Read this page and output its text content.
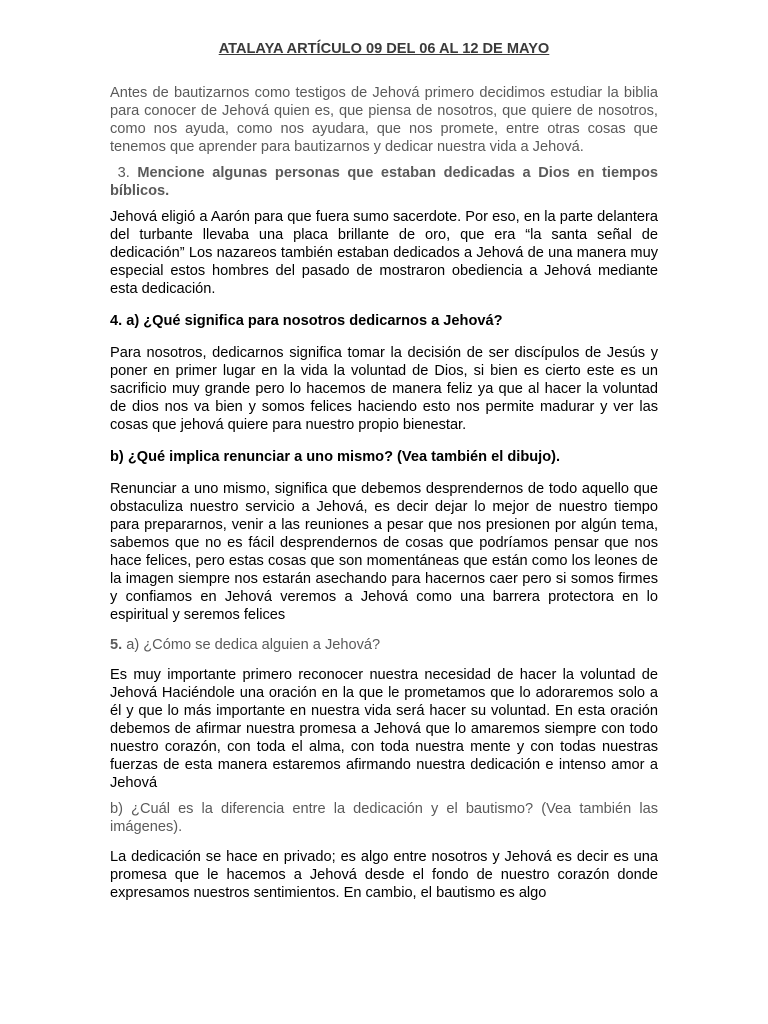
ATALAYA ARTÍCULO 09 DEL 06 AL 12 DE MAYO

Antes de bautizarnos como testigos de Jehová primero decidimos estudiar la biblia para conocer de Jehová quien es, que piensa de nosotros, que quiere de nosotros, como nos ayuda, como nos ayudara, que nos promete, entre otras cosas que tenemos que aprender para bautizarnos y dedicar nuestra vida a Jehová.

3. Mencione algunas personas que estaban dedicadas a Dios en tiempos bíblicos.

Jehová eligió a Aarón para que fuera sumo sacerdote. Por eso, en la parte delantera del turbante llevaba una placa brillante de oro, que era “la santa señal de dedicación” Los nazareos también estaban dedicados a Jehová de una manera muy especial estos hombres del pasado de mostraron obediencia a Jehová mediante esta dedicación.

4. a) ¿Qué significa para nosotros dedicarnos a Jehová?

Para nosotros, dedicarnos significa tomar la decisión de ser discípulos de Jesús y poner en primer lugar en la vida la voluntad de Dios, si bien es cierto este es un sacrificio muy grande pero lo hacemos de manera feliz ya que al hacer la voluntad de dios nos va bien y somos felices haciendo esto nos permite madurar y ver las cosas que jehová quiere para nuestro propio bienestar.

b) ¿Qué implica renunciar a uno mismo? (Vea también el dibujo).

Renunciar a uno mismo, significa que debemos desprendernos de todo aquello que obstaculiza nuestro servicio a Jehová, es decir dejar lo mejor de nuestro tiempo para prepararnos, venir a las reuniones a pesar que nos presionen por algún tema, sabemos que no es fácil desprendernos de cosas que podríamos pensar que nos hace felices, pero estas cosas que son momentáneas que están como los leones de la imagen siempre nos estarán asechando para hacernos caer pero si somos firmes y confiamos en Jehová veremos a Jehová como una barrera protectora en lo espiritual y seremos felices

5. a) ¿Cómo se dedica alguien a Jehová?

Es muy importante primero reconocer nuestra necesidad de hacer la voluntad de Jehová Haciéndole una oración en la que le prometamos que lo adoraremos solo a él y que lo más importante en nuestra vida será hacer su voluntad. En esta oración debemos de afirmar nuestra promesa a Jehová que lo amaremos siempre con todo nuestro corazón, con toda el alma, con toda nuestra mente y con todas nuestras fuerzas de esta manera estaremos afirmando nuestra dedicación e intenso amor a Jehová

b) ¿Cuál es la diferencia entre la dedicación y el bautismo? (Vea también las imágenes).

La dedicación se hace en privado; es algo entre nosotros y Jehová es decir es una promesa que le hacemos a Jehová desde el fondo de nuestro corazón donde expresamos nuestros sentimientos. En cambio, el bautismo es algo
